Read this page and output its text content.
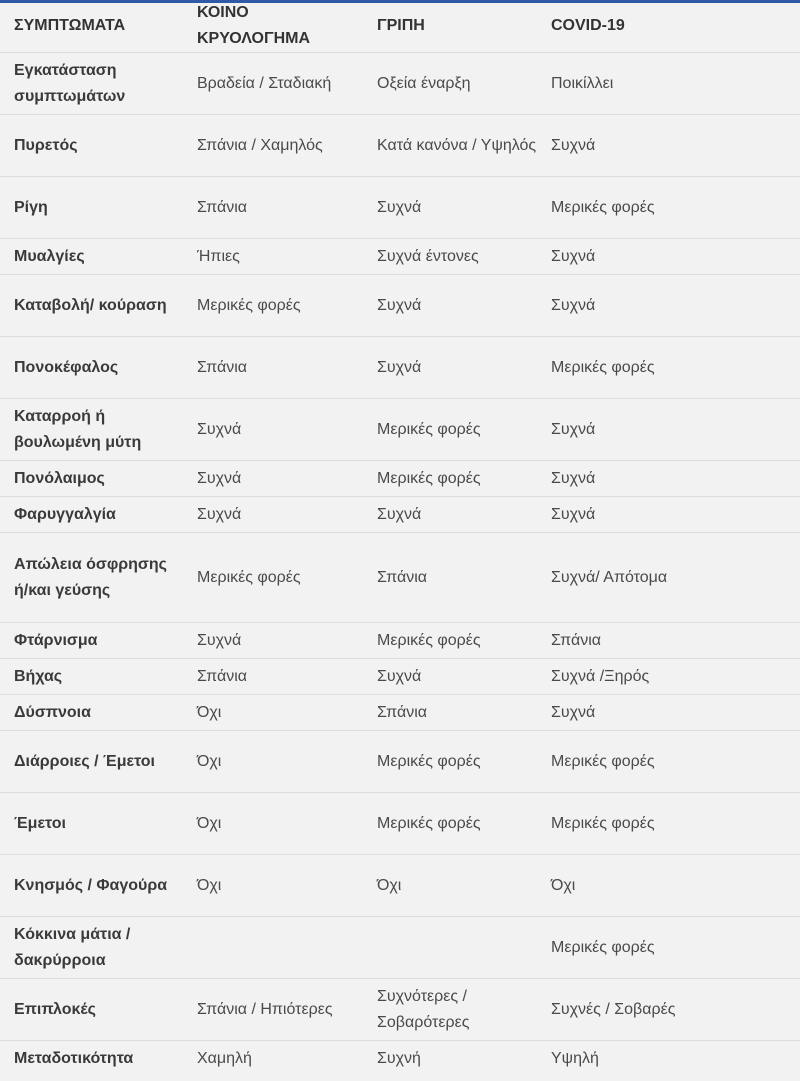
ΣΥΜΠΤΩΜΑΤΑ	ΚΟΙΝΟ ΚΡΥΟΛΟΓΗΜΑ	ΓΡΙΠΗ	COVID-19
Εγκατάσταση συμπτωμάτων	Βραδεία / Σταδιακή	Οξεία έναρξη	Ποικίλλει
Πυρετός	Σπάνια / Χαμηλός	Κατά κανόνα / Υψηλός	Συχνά
Ρίγη	Σπάνια	Συχνά	Μερικές φορές
Μυαλγίες	Ήπιες	Συχνά έντονες	Συχνά
Καταβολή/ κούραση	Μερικές φορές	Συχνά	Συχνά
Πονοκέφαλος	Σπάνια	Συχνά	Μερικές φορές
Καταρροή ή βουλωμένη μύτη	Συχνά	Μερικές φορές	Συχνά
Πονόλαιμος	Συχνά	Μερικές φορές	Συχνά
Φαρυγγαλγία	Συχνά	Συχνά	Συχνά
Απώλεια όσφρησης ή/και γεύσης	Μερικές φορές	Σπάνια	Συχνά/ Απότομα
Φτάρνισμα	Συχνά	Μερικές φορές	Σπάνια
Βήχας	Σπάνια	Συχνά	Συχνά /Ξηρός
Δύσπνοια	Όχι	Σπάνια	Συχνά
Διάρροιες / Έμετοι	Όχι	Μερικές φορές	Μερικές φορές
Έμετοι	Όχι	Μερικές φορές	Μερικές φορές
Κνησμός / Φαγούρα	Όχι	Όχι	Όχι
Κόκκινα μάτια / δακρύρροια			Μερικές φορές
Επιπλοκές	Σπάνια / Ηπιότερες	Συχνότερες / Σοβαρότερες	Συχνές / Σοβαρές
Μεταδοτικότητα	Χαμηλή	Συχνή	Υψηλή
